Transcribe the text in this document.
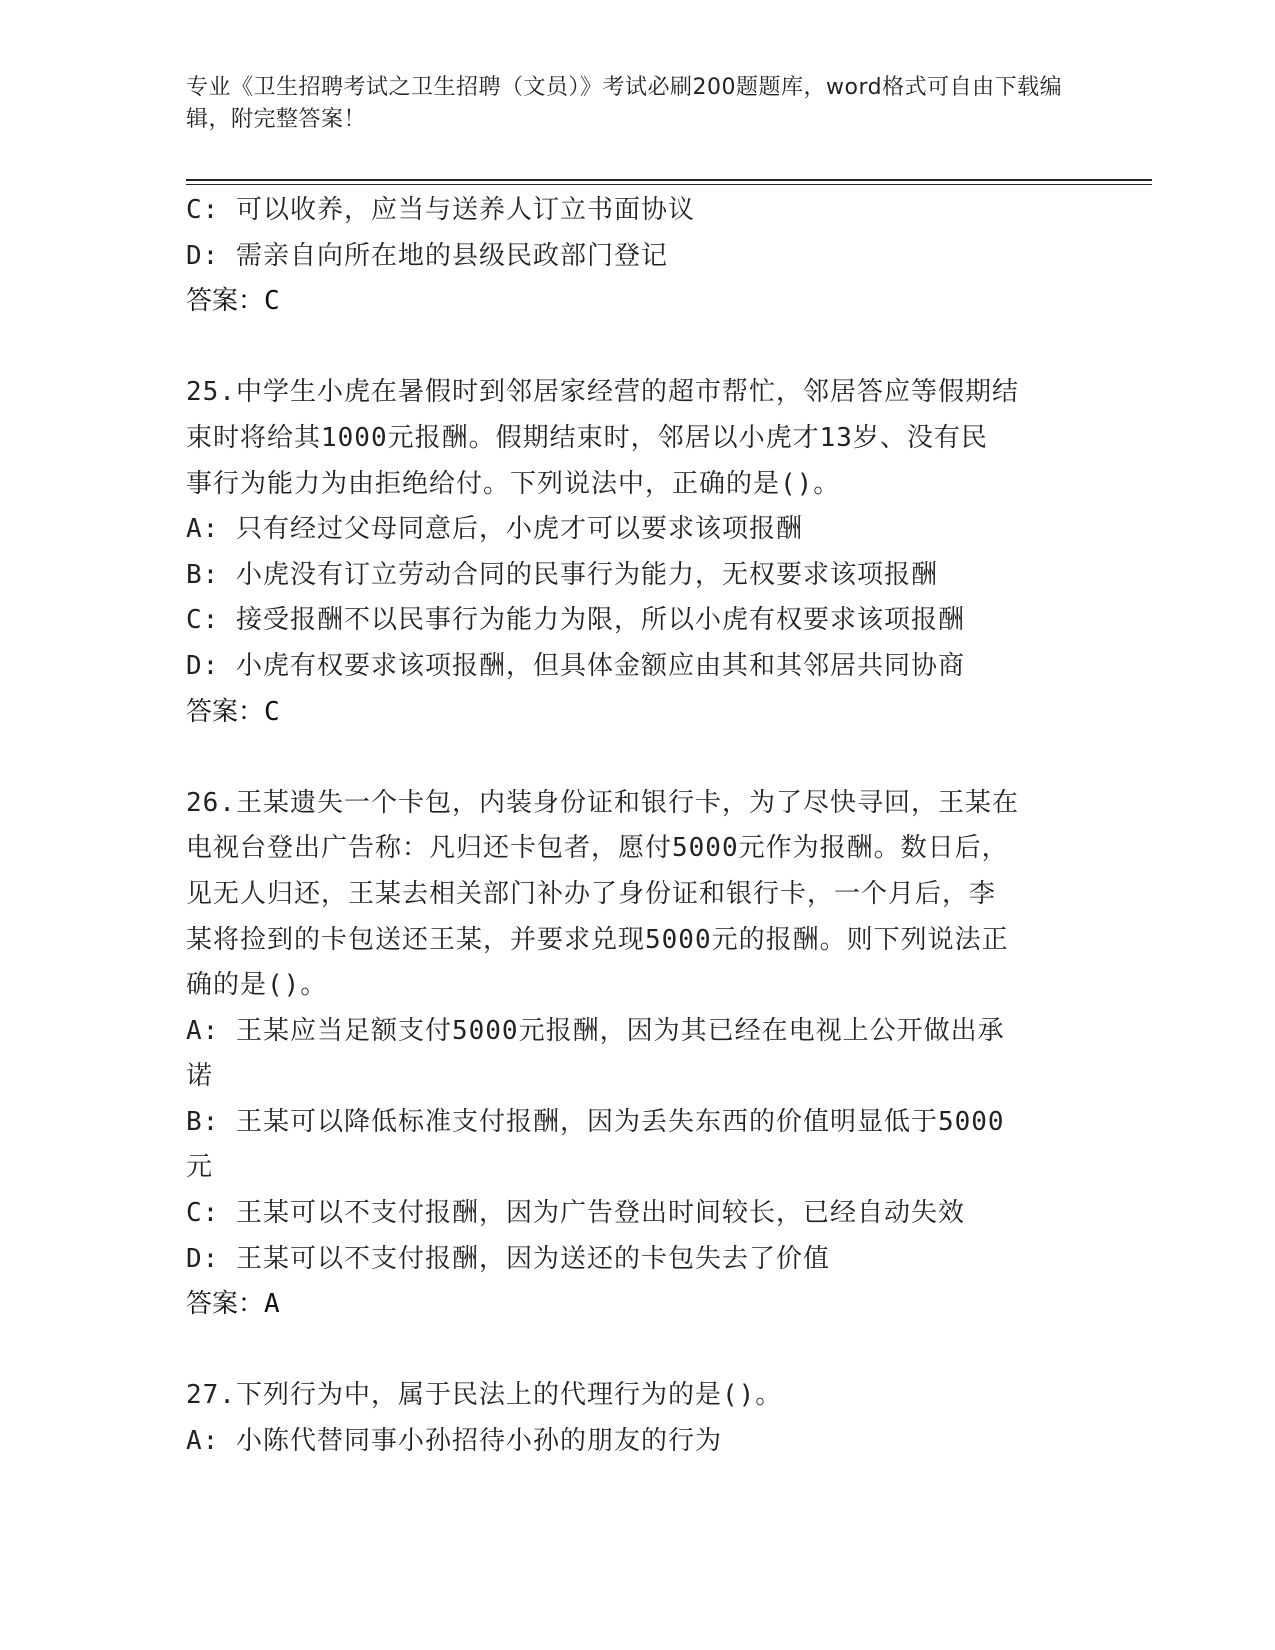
专业《卫生招聘考试之卫生招聘（文员）》考试必刷200题题库，word格式可自由下载编辑，附完整答案！
C: 可以收养，应当与送养人订立书面协议
D: 需亲自向所在地的县级民政部门登记
答案：C
25.中学生小虎在暑假时到邻居家经营的超市帮忙，邻居答应等假期结
束时将给其1000元报酬。假期结束时，邻居以小虎才13岁、没有民
事行为能力为由拒绝给付。下列说法中，正确的是()。
A: 只有经过父母同意后，小虎才可以要求该项报酬
B: 小虎没有订立劳动合同的民事行为能力，无权要求该项报酬
C: 接受报酬不以民事行为能力为限，所以小虎有权要求该项报酬
D: 小虎有权要求该项报酬，但具体金额应由其和其邻居共同协商
答案：C
26.王某遗失一个卡包，内装身份证和银行卡，为了尽快寻回，王某在
电视台登出广告称：凡归还卡包者，愿付5000元作为报酬。数日后，
见无人归还，王某去相关部门补办了身份证和银行卡，一个月后，李
某将捡到的卡包送还王某，并要求兑现5000元的报酬。则下列说法正
确的是()。
A: 王某应当足额支付5000元报酬，因为其已经在电视上公开做出承
诺
B: 王某可以降低标准支付报酬，因为丢失东西的价值明显低于5000
元
C: 王某可以不支付报酬，因为广告登出时间较长，已经自动失效
D: 王某可以不支付报酬，因为送还的卡包失去了价值
答案：A
27.下列行为中，属于民法上的代理行为的是()。
A: 小陈代替同事小孙招待小孙的朋友的行为
